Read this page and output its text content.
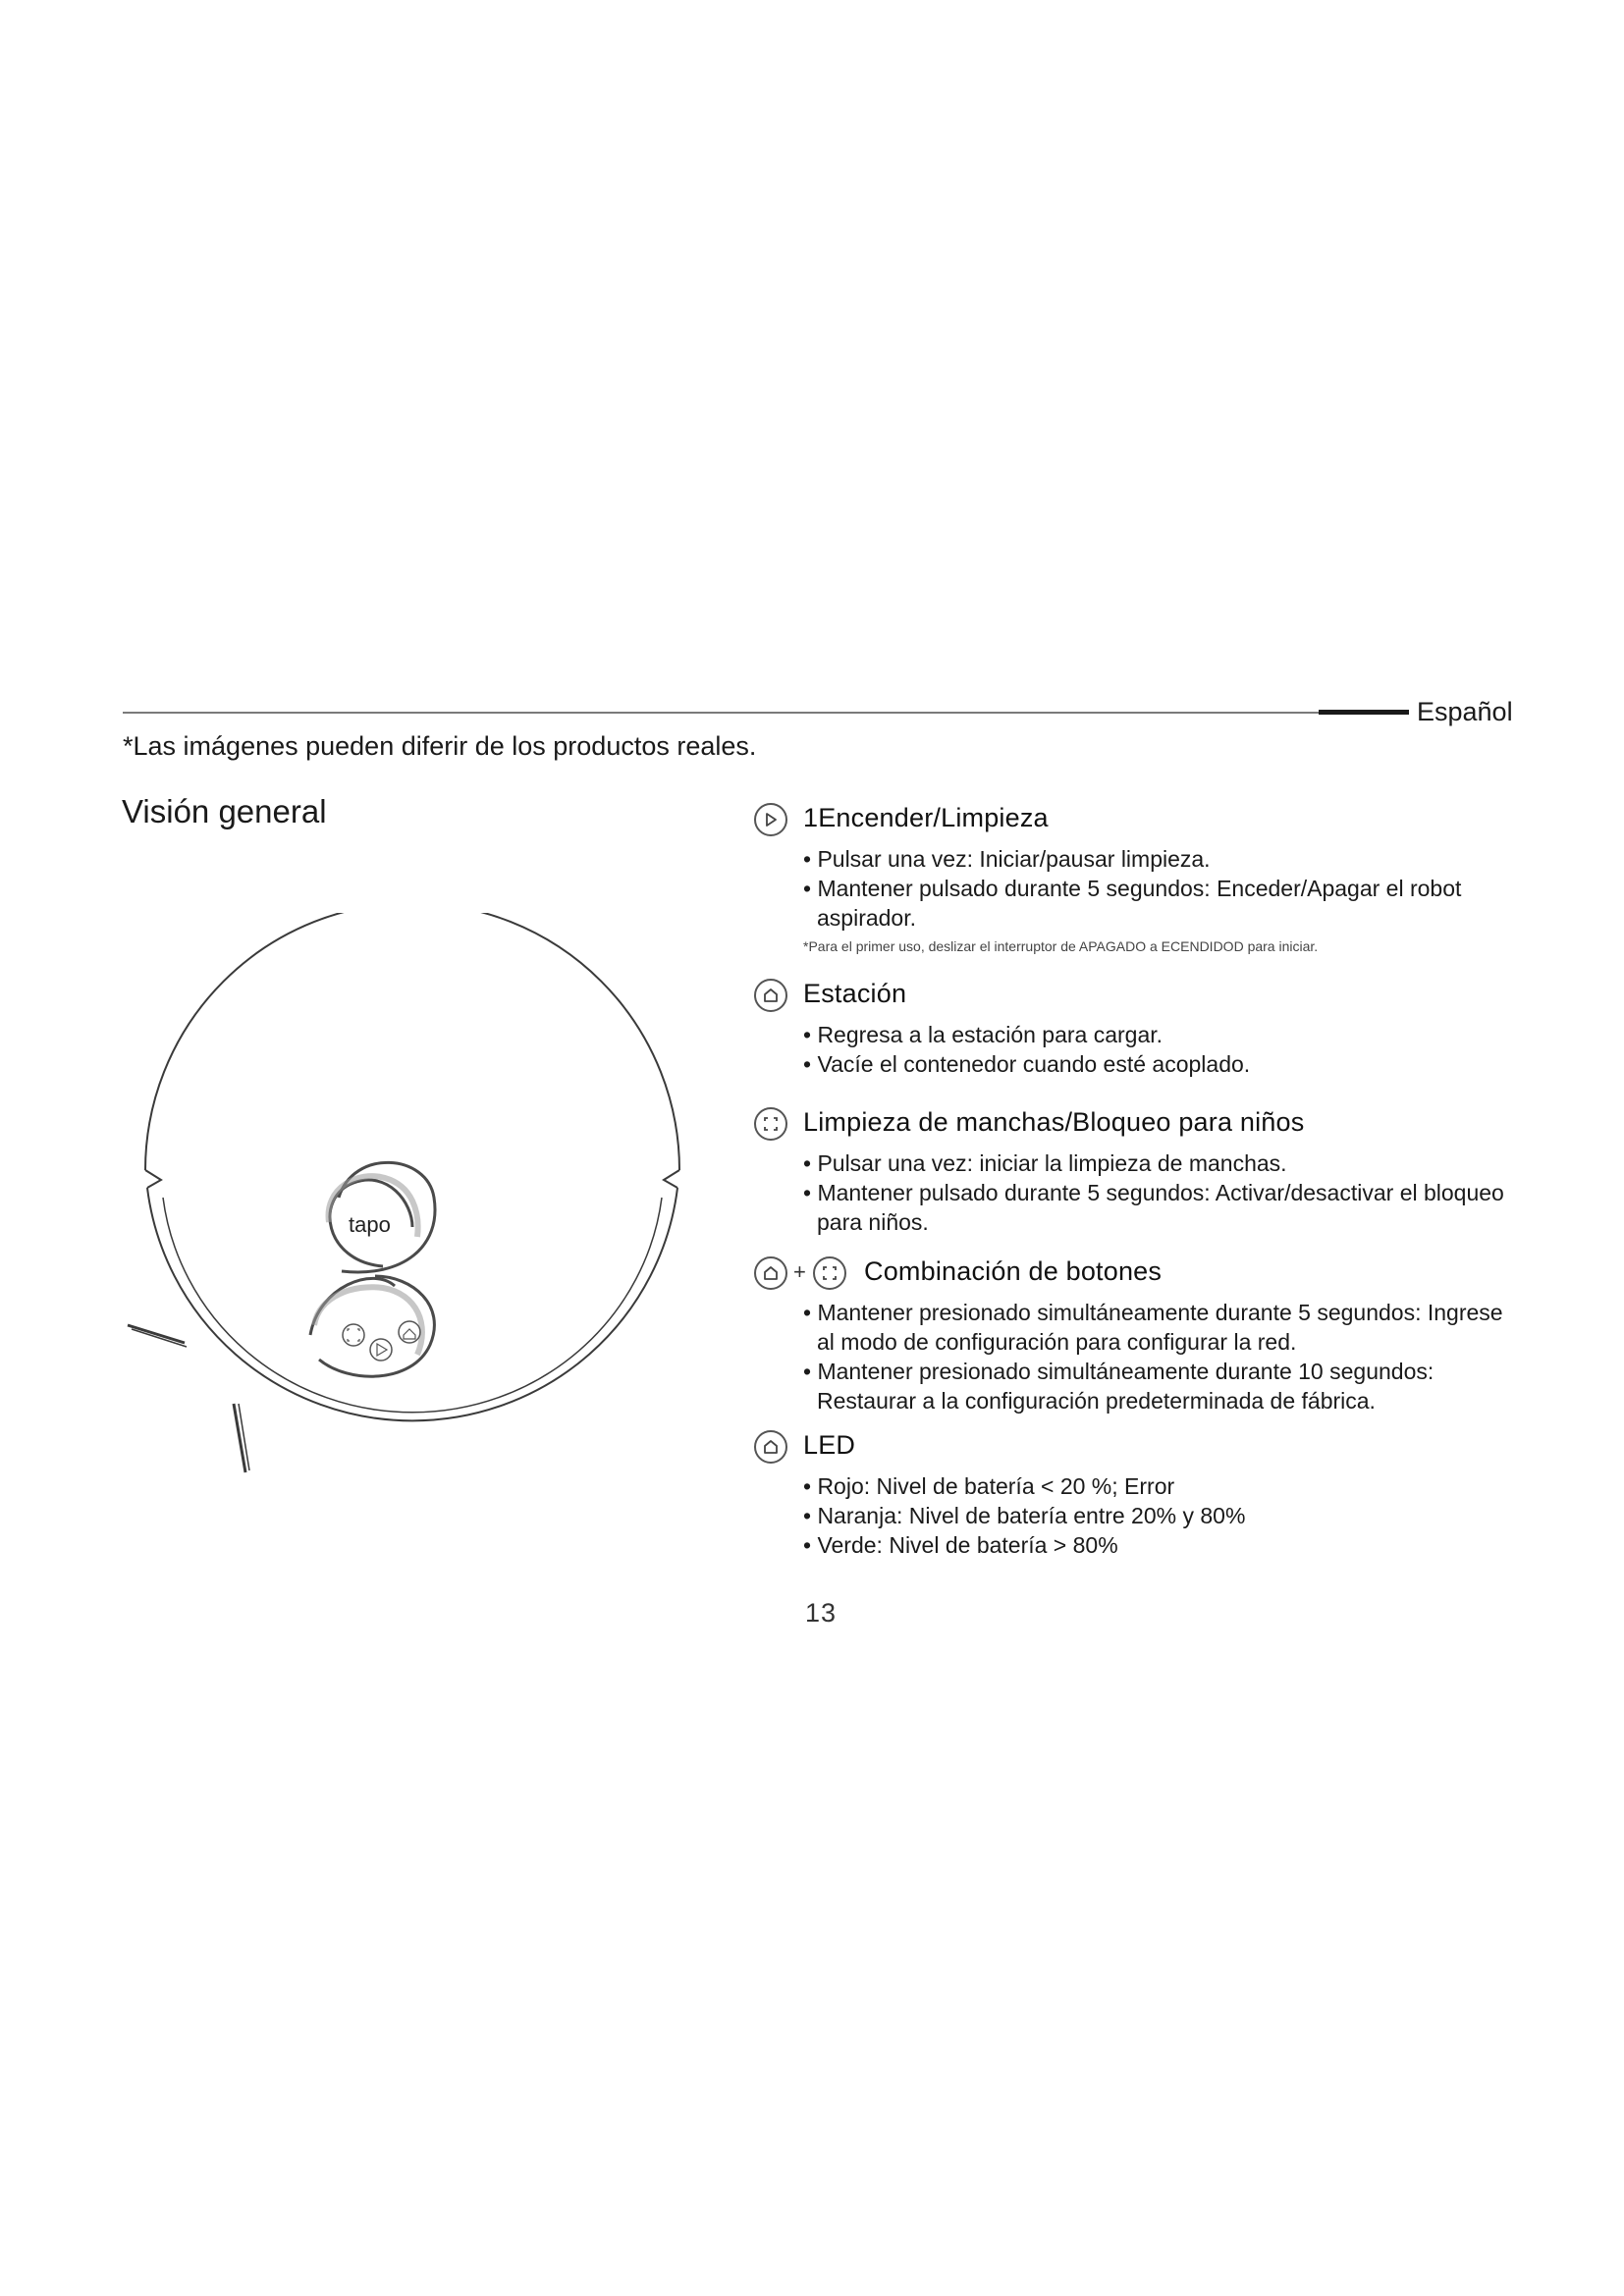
Español
*Las imágenes pueden diferir de los productos reales.
Visión general
tapo
1Encender/Limpieza
• Pulsar una vez: Iniciar/pausar limpieza.
• Mantener pulsado durante 5 segundos: Enceder/Apagar el robot aspirador.
*Para el primer uso, deslizar el interruptor de APAGADO a ECENDIDOD para iniciar.
Estación
• Regresa a la estación para cargar.
• Vacíe el contenedor cuando esté acoplado.
Limpieza de manchas/Bloqueo para niños
• Pulsar una vez: iniciar la limpieza de manchas.
• Mantener pulsado durante 5 segundos: Activar/desactivar el bloqueo para niños.
+ Combinación de botones
• Mantener presionado simultáneamente durante 5 segundos: Ingrese al modo de configuración para configurar la red.
• Mantener presionado simultáneamente durante 10 segundos: Restaurar a la configuración predeterminada de fábrica.
LED
• Rojo: Nivel de batería < 20 %; Error
• Naranja: Nivel de batería entre 20% y 80%
• Verde: Nivel de batería > 80%
13
